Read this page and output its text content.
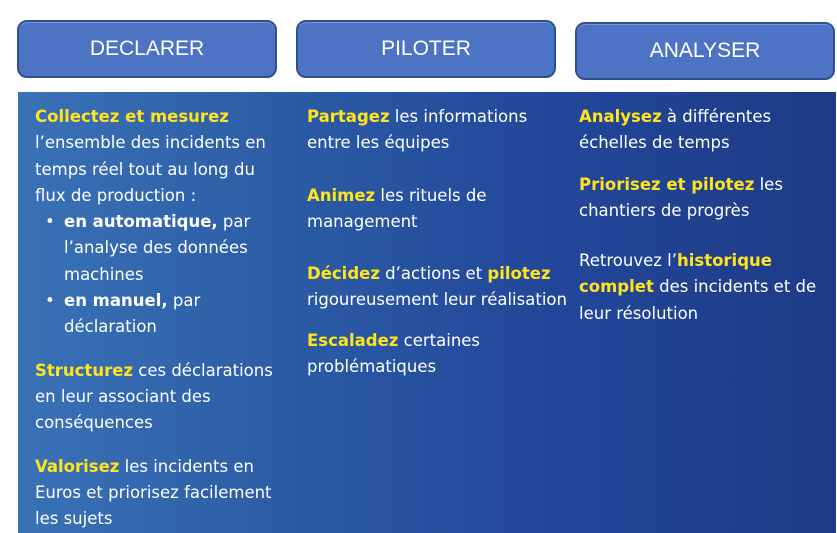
DECLARER	PILOTER	ANALYSER

Collectez et mesurez
l’ensemble des incidents en temps réel tout au long du flux de production :

• en automatique, par l’analyse des données machines
• en manuel, par déclaration

Structurez ces déclarations en leur associant des conséquences

Valorisez les incidents en Euros et priorisez facilement les sujets

Partagez les informations entre les équipes

Animez les rituels de management

Décidez d’actions et pilotez rigoureusement leur réalisation

Escaladez certaines problématiques

Analysez à différentes échelles de temps

Priorisez et pilotez les chantiers de progrès

Retrouvez l’historique complet des incidents et de leur résolution
